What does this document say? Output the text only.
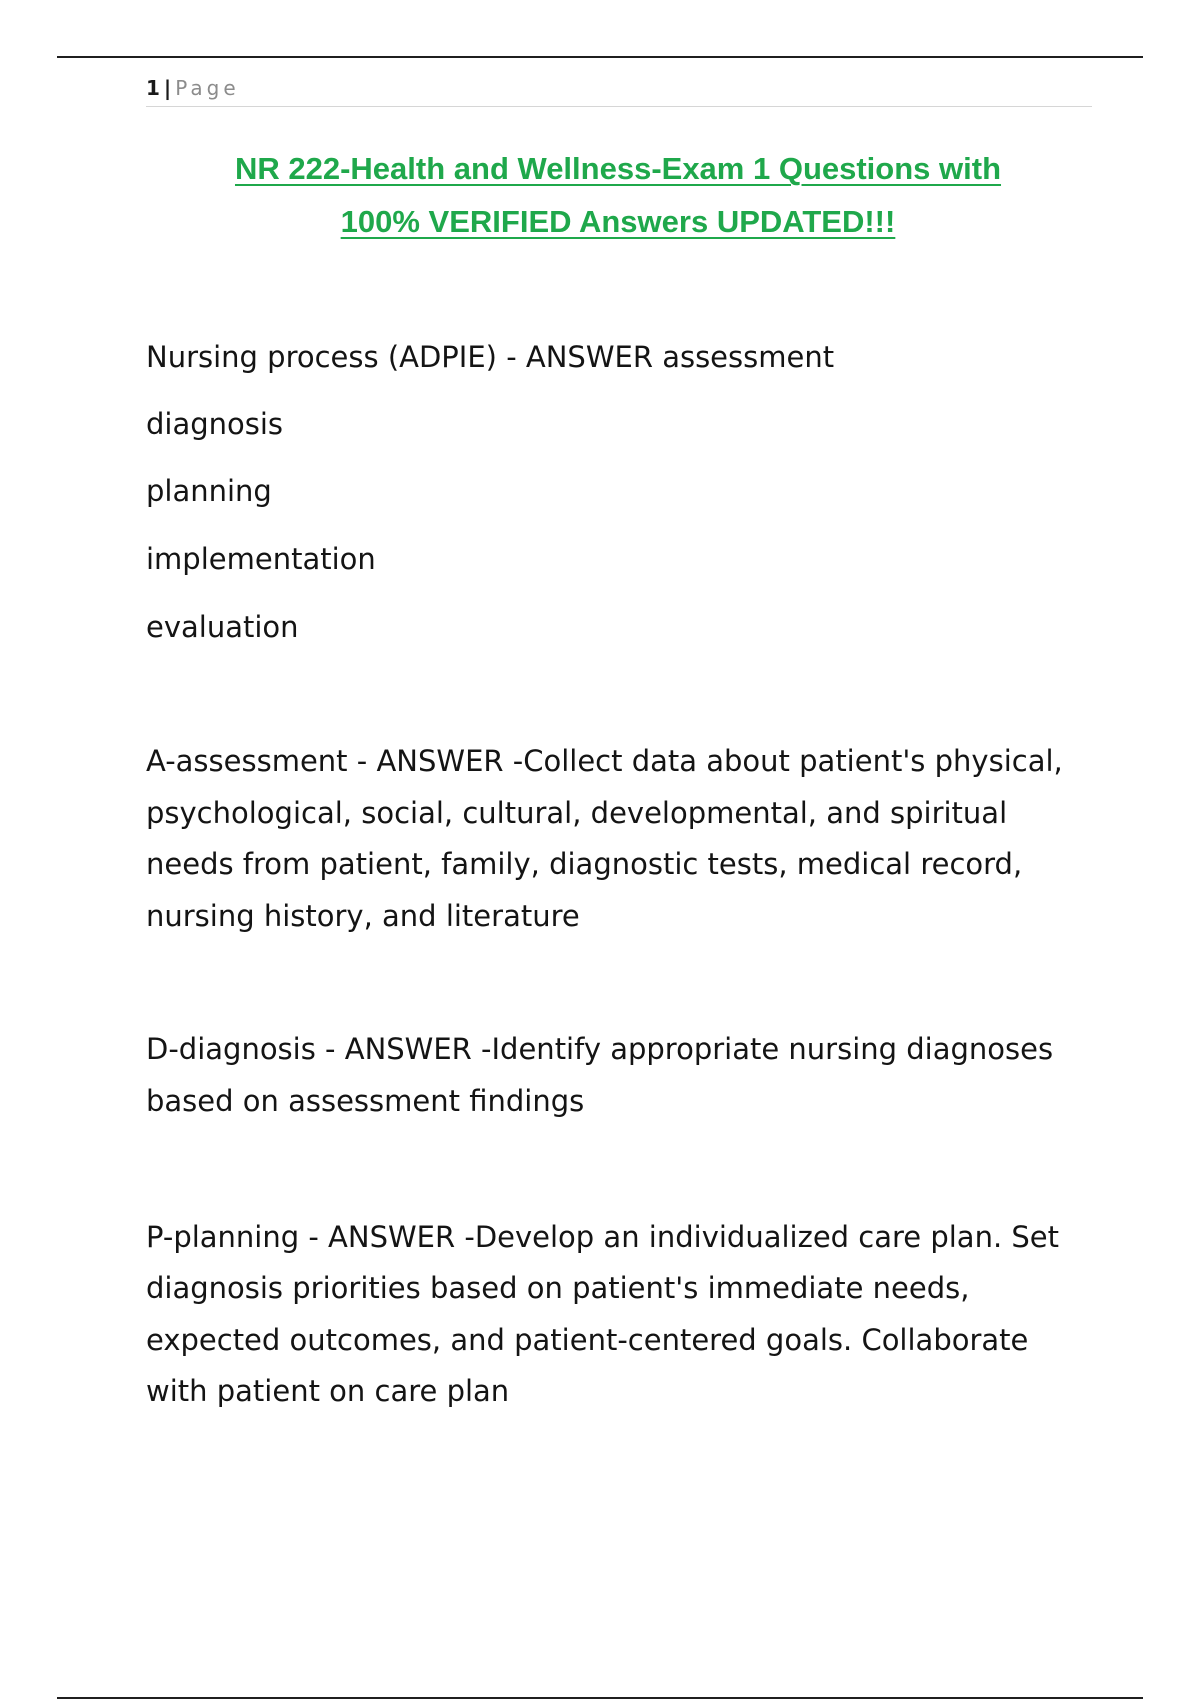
1 | Page
NR 222-Health and Wellness-Exam 1 Questions with
100% VERIFIED Answers UPDATED!!!
Nursing process (ADPIE) - ANSWER assessment
diagnosis
planning
implementation
evaluation
A-assessment - ANSWER -Collect data about patient's physical,
psychological, social, cultural, developmental, and spiritual
needs from patient, family, diagnostic tests, medical record,
nursing history, and literature
D-diagnosis - ANSWER -Identify appropriate nursing diagnoses
based on assessment findings
P-planning - ANSWER -Develop an individualized care plan. Set
diagnosis priorities based on patient's immediate needs,
expected outcomes, and patient-centered goals. Collaborate
with patient on care plan
